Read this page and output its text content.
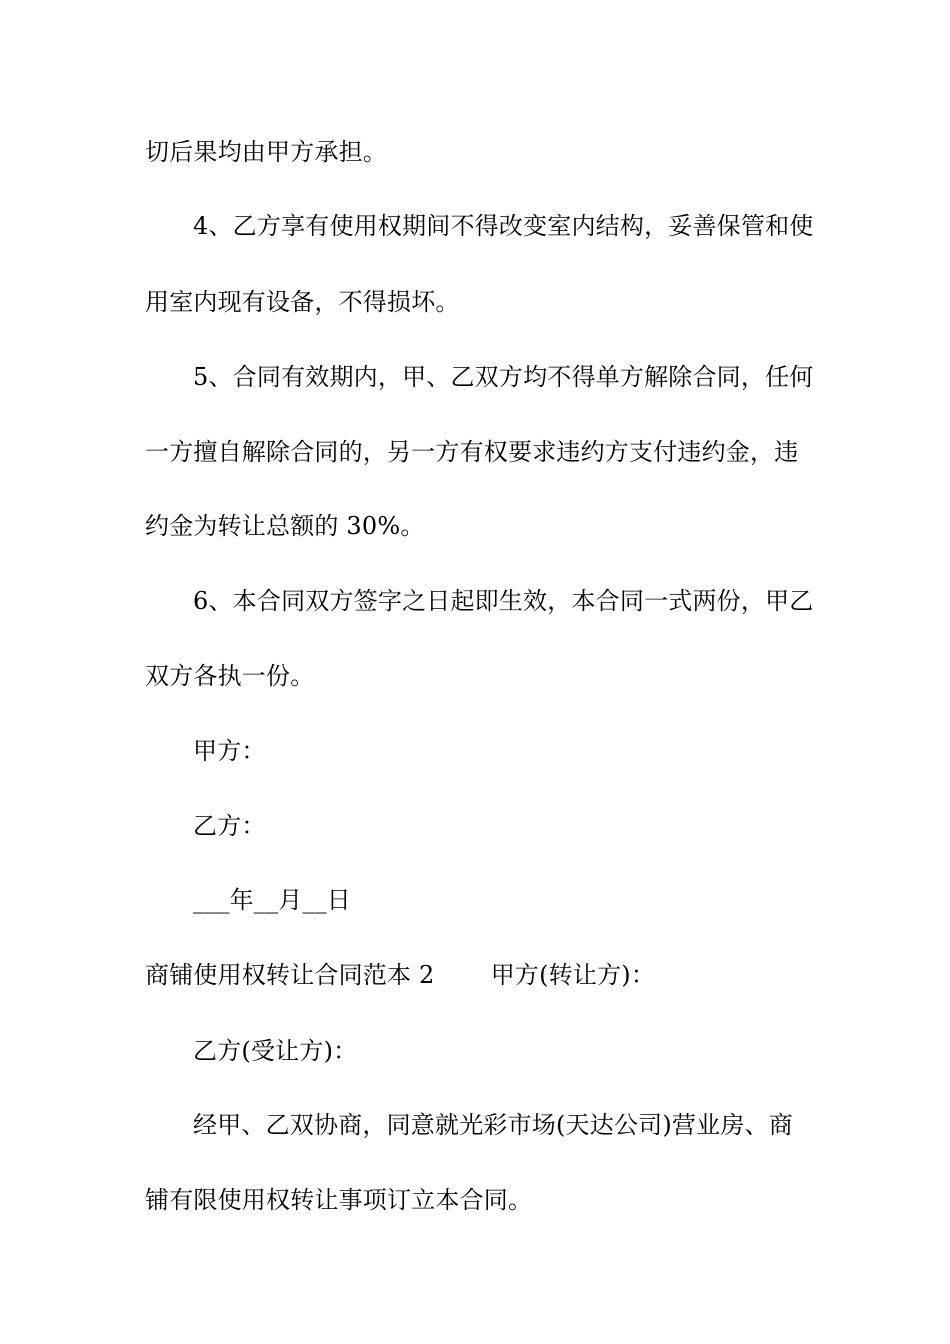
切后果均由甲方承担。
4、乙方享有使用权期间不得改变室内结构，妥善保管和使
用室内现有设备，不得损坏。
5、合同有效期内，甲、乙双方均不得单方解除合同，任何
一方擅自解除合同的，另一方有权要求违约方支付违约金，违
约金为转让总额的 30%。
6、本合同双方签字之日起即生效，本合同一式两份，甲乙
双方各执一份。
甲方：
乙方：
___年__月__日
商铺使用权转让合同范本 2　　 甲方(转让方)：
乙方(受让方)：
经甲、乙双协商，同意就光彩市场(天达公司)营业房、商
铺有限使用权转让事项订立本合同。
